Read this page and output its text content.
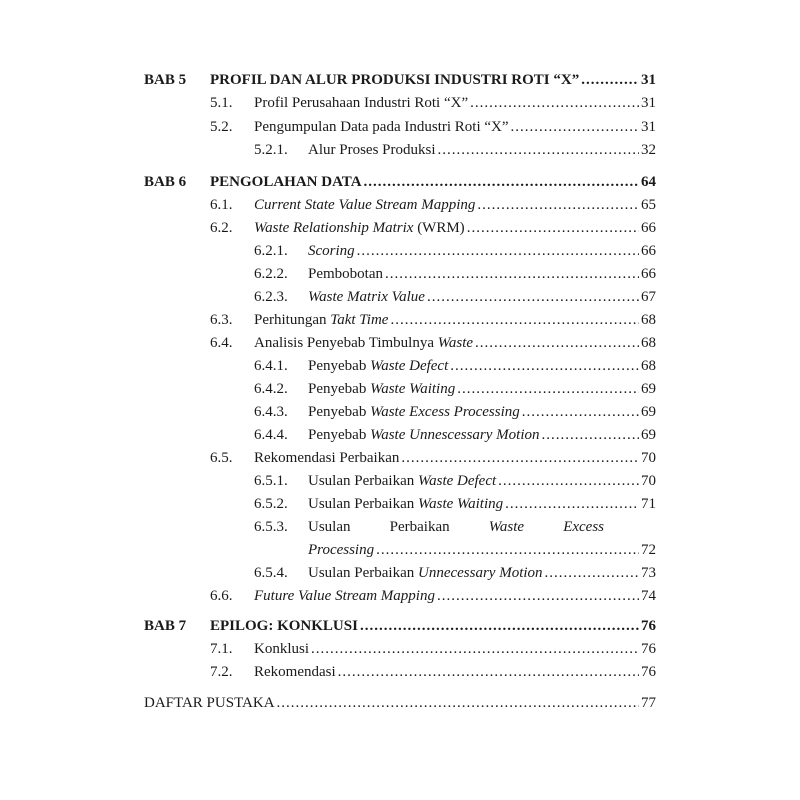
BAB 5 PROFIL DAN ALUR PRODUKSI INDUSTRI ROTI “X” .....	31
5.1. Profil Perusahaan Industri Roti “X” .....	31
5.2. Pengumpulan Data pada Industri Roti “X” .....	31
5.2.1. Alur Proses Produksi .....	32
BAB 6 PENGOLAHAN DATA .....	64
6.1. Current State Value Stream Mapping .....	65
6.2. Waste Relationship Matrix (WRM) .....	66
6.2.1. Scoring .....	66
6.2.2. Pembobotan .....	66
6.2.3. Waste Matrix Value .....	67
6.3. Perhitungan Takt Time .....	68
6.4. Analisis Penyebab Timbulnya Waste .....	68
6.4.1. Penyebab Waste Defect .....	68
6.4.2. Penyebab Waste Waiting .....	69
6.4.3. Penyebab Waste Excess Processing .....	69
6.4.4. Penyebab Waste Unnescessary Motion .....	69
6.5. Rekomendasi Perbaikan .....	70
6.5.1. Usulan Perbaikan Waste Defect .....	70
6.5.2. Usulan Perbaikan Waste Waiting .....	71
6.5.3. Usulan	Perbaikan	Waste	Excess
Processing .....	72
6.5.4. Usulan Perbaikan Unnecessary Motion .....	73
6.6. Future Value Stream Mapping .....	74
BAB 7 EPILOG: KONKLUSI .....	76
7.1. Konklusi .....	76
7.2. Rekomendasi .....	76
DAFTAR PUSTAKA .....	77
